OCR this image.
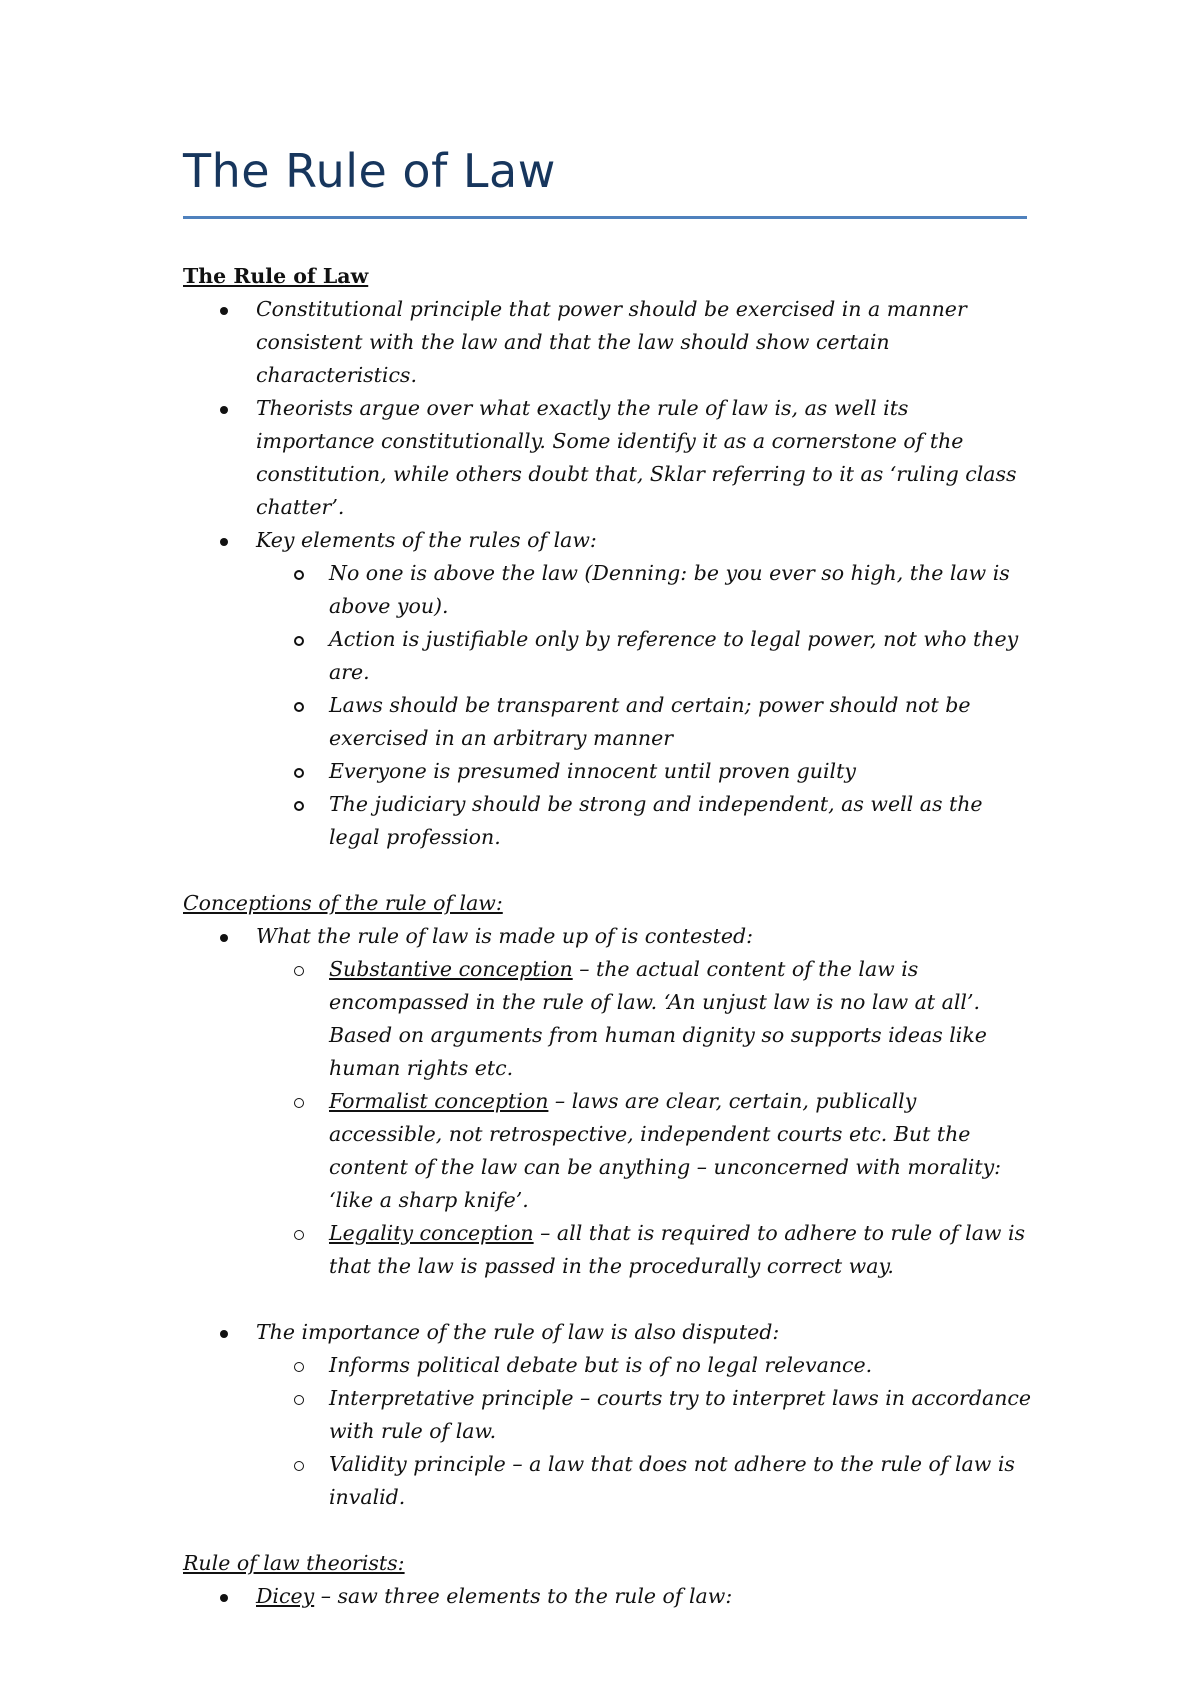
The Rule of Law
The Rule of Law
Constitutional principle that power should be exercised in a manner consistent with the law and that the law should show certain characteristics.
Theorists argue over what exactly the rule of law is, as well its importance constitutionally. Some identify it as a cornerstone of the constitution, while others doubt that, Sklar referring to it as ‘ruling class chatter’.
Key elements of the rules of law:
No one is above the law (Denning: be you ever so high, the law is above you).
Action is justifiable only by reference to legal power, not who they are.
Laws should be transparent and certain; power should not be exercised in an arbitrary manner
Everyone is presumed innocent until proven guilty
The judiciary should be strong and independent, as well as the legal profession.
Conceptions of the rule of law:
What the rule of law is made up of is contested:
Substantive conception – the actual content of the law is encompassed in the rule of law. ‘An unjust law is no law at all’. Based on arguments from human dignity so supports ideas like human rights etc.
Formalist conception – laws are clear, certain, publically accessible, not retrospective, independent courts etc. But the content of the law can be anything – unconcerned with morality: ‘like a sharp knife’.
Legality conception – all that is required to adhere to rule of law is that the law is passed in the procedurally correct way.
The importance of the rule of law is also disputed:
Informs political debate but is of no legal relevance.
Interpretative principle – courts try to interpret laws in accordance with rule of law.
Validity principle – a law that does not adhere to the rule of law is invalid.
Rule of law theorists:
Dicey – saw three elements to the rule of law:
